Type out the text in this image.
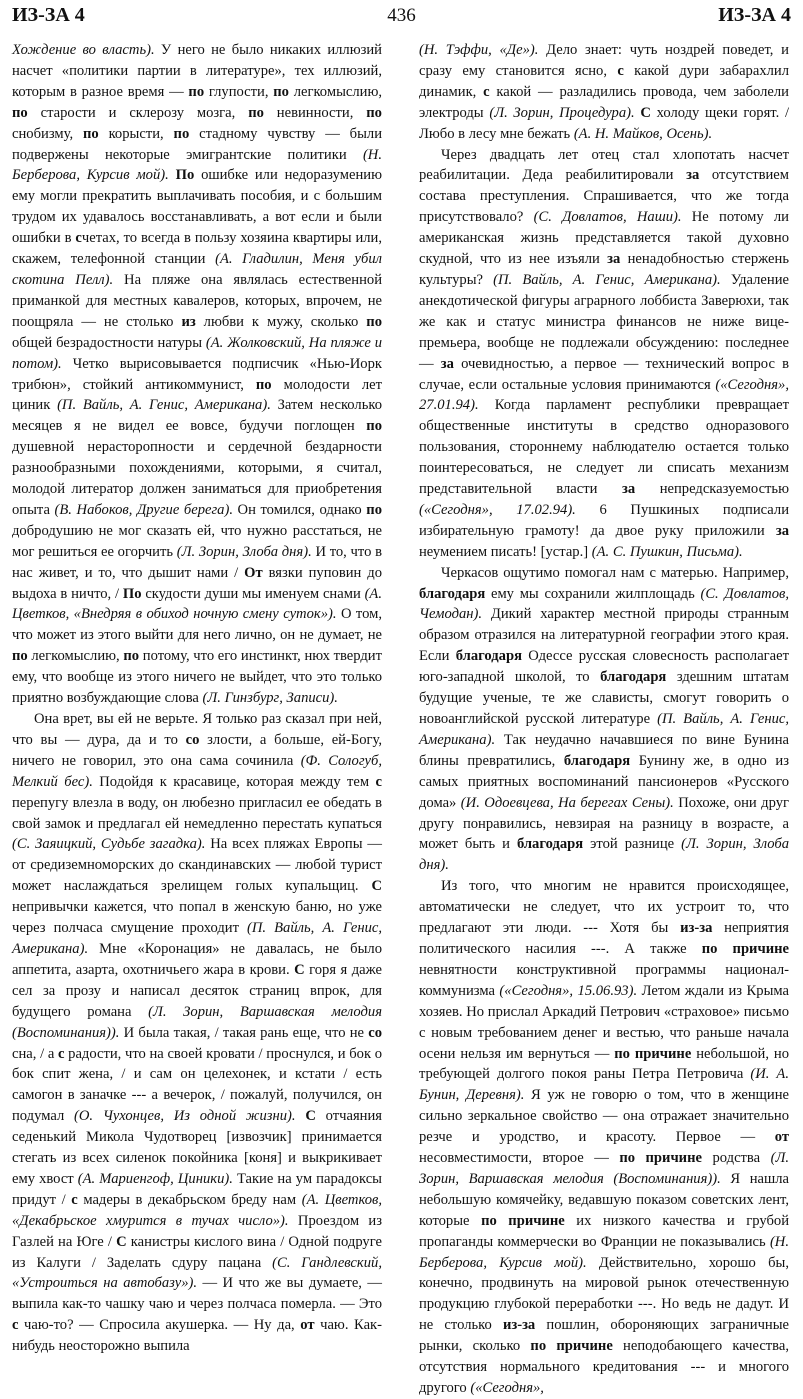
ИЗ-ЗА 4	436	ИЗ-ЗА 4

Хождение во власть). У него не было никаких иллюзий насчет «политики партии в литературе», тех иллюзий, которым в разное время — по глупости, по легкомыслию, по старости и склерозу мозга, по невинности, по снобизму, по корысти, по стадному чувству — были подвержены некоторые эмигрантские политики (Н. Берберова, Курсив мой). По ошибке или недоразумению ему могли прекратить выплачивать пособия, и с большим трудом их удавалось восстанавливать, а вот если и были ошибки в счетах, то всегда в пользу хозяина квартиры или, скажем, телефонной станции (А. Гладилин, Меня убил скотина Пелл). На пляже она являлась естественной приманкой для местных кавалеров, которых, впрочем, не поощряла — не столько из любви к мужу, сколько по общей безрадостности натуры (А. Жолковский, На пляже и потом). Четко вырисовывается подписчик «Нью-Иорк трибюн», стойкий антикоммунист, по молодости лет циник (П. Вайль, А. Генис, Американа). Затем несколько месяцев я не видел ее вовсе, будучи поглощен по душевной нерасторопности и сердечной бездарности разнообразными похождениями, которыми, я считал, молодой литератор должен заниматься для приобретения опыта (В. Набоков, Другие берега). Он томился, однако по добродушию не мог сказать ей, что нужно расстаться, не мог решиться ее огорчить (Л. Зорин, Злоба дня). И то, что в нас живет, и то, что дышит нами / От вязки пуповин до выдоха в ничто, / По скудости души мы именуем снами (А. Цветков, «Внедряя в обиход ночную смену суток»). О том, что может из этого выйти для него лично, он не думает, не по легкомыслию, по потому, что его инстинкт, нюх твердит ему, что вообще из этого ничего не выйдет, что это только приятно возбуждающие слова (Л. Гинзбург, Записи).

Она врет, вы ей не верьте. Я только раз сказал при ней, что вы — дура, да и то со злости, а больше, ей-Богу, ничего не говорил, это она сама сочинила (Ф. Сологуб, Мелкий бес). Подойдя к красавице, которая между тем с перепугу влезла в воду, он любезно пригласил ее обедать в свой замок и предлагал ей немедленно перестать купаться (С. Заяицкий, Судьбе загадка). На всех пляжах Европы — от средиземноморских до скандинавских — любой турист может наслаждаться зрелищем голых купальщиц. С непривычки кажется, что попал в женскую баню, но уже через полчаса смущение проходит (П. Вайль, А. Генис, Американа). Мне «Коронация» не давалась, не было аппетита, азарта, охотничьего жара в крови. С горя я даже сел за прозу и написал десяток страниц впрок, для будущего романа (Л. Зорин, Варшавская мелодия (Воспоминания)). И была такая, / такая рань еще, что не со сна, / а с радости, что на своей кровати / проснулся, и бок о бок спит жена, / и сам он целехонек, и кстати / есть самогон в заначке --- а вечерок, / пожалуй, получился, он подумал (О. Чухонцев, Из одной жизни). С отчаяния седенький Микола Чудотворец [извозчик] принимается стегать из всех силенок покойника [коня] и выкрикивает ему хвост (А. Мариенгоф, Циники). Такие на ум парадоксы придут / с мадеры в декабрьском бреду нам (А. Цветков, «Декабрьское хмурится в тучах число»). Проездом из Газлей на Юге / С канистры кислого вина / Одной подруге из Калуги / Заделать сдуру пацана (С. Гандлевский, «Устроиться на автобазу»). — И что же вы думаете, — выпила как-то чашку чаю и через полчаса померла. — Это с чаю-то? — Спросила акушерка. — Ну да, от чаю. Как-нибудь неосторожно выпила

(Н. Тэффи, «Де»). Дело знает: чуть ноздрей поведет, и сразу ему становится ясно, с какой дури забарахлил динамик, с какой — разладились провода, чем заболели электроды (Л. Зорин, Процедура). С холоду щеки горят. / Любо в лесу мне бежать (А. Н. Майков, Осень).

Через двадцать лет отец стал хлопотать насчет реабилитации. Деда реабилитировали за отсутствием состава преступления. Спрашивается, что же тогда присутствовало? (С. Довлатов, Наши). Не потому ли американская жизнь представляется такой духовно скудной, что из нее изъяли за ненадобностью стержень культуры? (П. Вайль, А. Генис, Американа). Удаление анекдотической фигуры аграрного лоббиста Заверюхи, так же как и статус министра финансов не ниже вице-премьера, вообще не подлежали обсуждению: последнее — за очевидностью, а первое — технический вопрос в случае, если остальные условия принимаются («Сегодня», 27.01.94). Когда парламент республики превращает общественные институты в средство одноразового пользования, стороннему наблюдателю остается только поинтересоваться, не следует ли списать механизм представительной власти за непредсказуемостью («Сегодня», 17.02.94). 6 Пушкиных подписали избирательную грамоту! да двое руку приложили за неумением писать! [устар.] (А. С. Пушкин, Письма).

Черкасов ощутимо помогал нам с матерью. Например, благодаря ему мы сохранили жилплощадь (С. Довлатов, Чемодан). Дикий характер местной природы странным образом отразился на литературной географии этого края. Если благодаря Одессе русская словесность располагает юго-западной школой, то благодаря здешним штатам будущие ученые, те же слависты, смогут говорить о новоанглийской русской литературе (П. Вайль, А. Генис, Американа). Так неудачно начавшиеся по вине Бунина блины превратились, благодаря Бунину же, в одно из самых приятных воспоминаний пансионеров «Русского дома» (И. Одоевцева, На берегах Сены). Похоже, они друг другу понравились, невзирая на разницу в возрасте, а может быть и благодаря этой разнице (Л. Зорин, Злоба дня).

Из того, что многим не нравится происходящее, автоматически не следует, что их устроит то, что предлагают эти люди. --- Хотя бы из-за неприятия политического насилия ---. А также по причине невнятности конструктивной программы национал-коммунизма («Сегодня», 15.06.93). Летом ждали из Крыма хозяев. Но прислал Аркадий Петрович «страховое» письмо с новым требованием денег и вестью, что раньше начала осени нельзя им вернуться — по причине небольшой, но требующей долгого покоя раны Петра Петровича (И. А. Бунин, Деревня). Я уж не говорю о том, что в женщине сильно зеркальное свойство — она отражает значительно резче и уродство, и красоту. Первое — от несовместимости, второе — по причине родства (Л. Зорин, Варшавская мелодия (Воспоминания)). Я нашла небольшую комячейку, ведавшую показом советских лент, которые по причине их низкого качества и грубой пропаганды коммерчески во Франции не показывались (Н. Берберова, Курсив мой). Действительно, хорошо бы, конечно, продвинуть на мировой рынок отечественную продукцию глубокой переработки ---. Но ведь не дадут. И не столько из-за пошлин, обороняющих заграничные рынки, сколько по причине неподобающего качества, отсутствия нормального кредитования --- и многого другого («Сегодня»,
